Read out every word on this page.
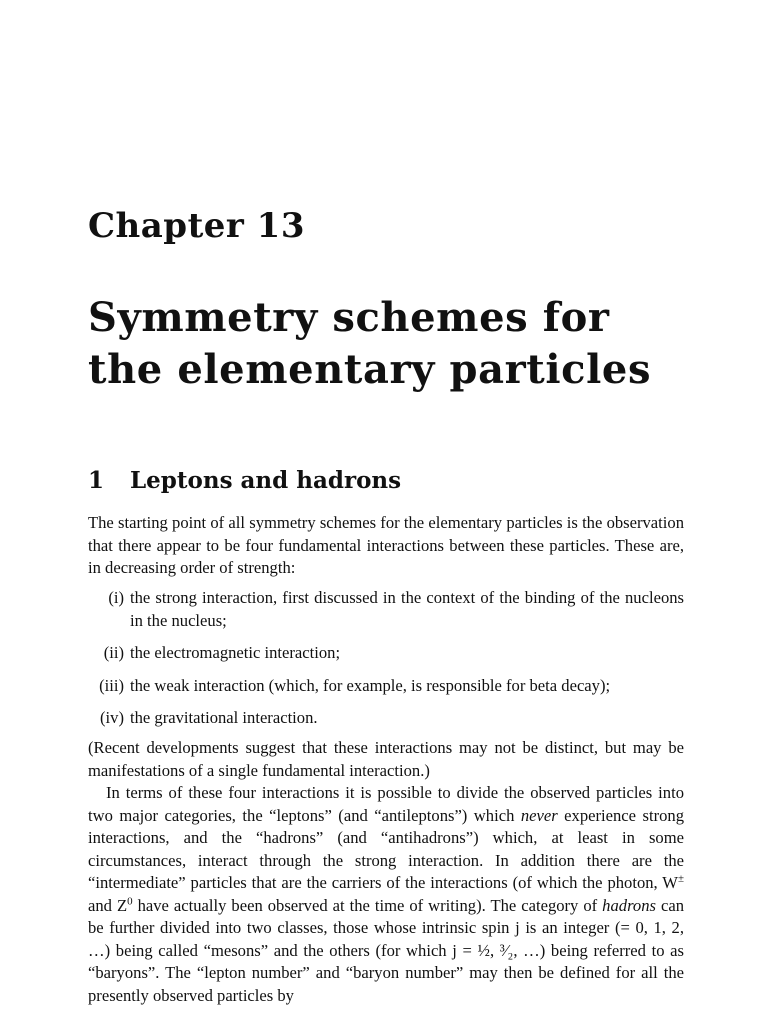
Chapter 13
Symmetry schemes for the elementary particles
1 Leptons and hadrons
The starting point of all symmetry schemes for the elementary particles is the observation that there appear to be four fundamental interactions between these particles. These are, in decreasing order of strength:
(i) the strong interaction, first discussed in the context of the binding of the nucleons in the nucleus;
(ii) the electromagnetic interaction;
(iii) the weak interaction (which, for example, is responsible for beta decay);
(iv) the gravitational interaction.
(Recent developments suggest that these interactions may not be distinct, but may be manifestations of a single fundamental interaction.)
In terms of these four interactions it is possible to divide the observed particles into two major categories, the “leptons” (and “antileptons”) which never experience strong interactions, and the “hadrons” (and “antihadrons”) which, at least in some circumstances, interact through the strong interaction. In addition there are the “intermediate” particles that are the carriers of the interactions (of which the photon, W± and $Z^0$ have actually been observed at the time of writing). The category of hadrons can be further divided into two classes, those whose intrinsic spin j is an integer (= 0, 1, 2, …) being called “mesons” and the others (for which j = ½, ³⁄₂, …) being referred to as “baryons”. The “lepton number” and “baryon number” may then be defined for all the presently observed particles by
